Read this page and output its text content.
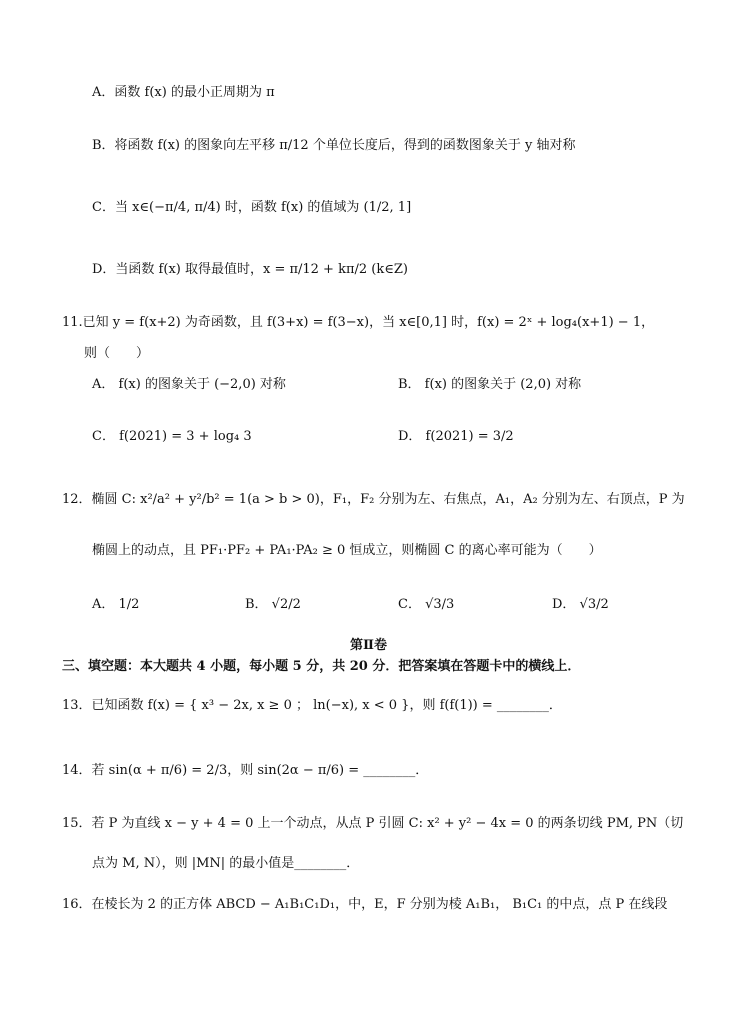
A．函数 f(x) 的最小正周期为 π
B．将函数 f(x) 的图象向左平移 π/12 个单位长度后，得到的函数图象关于 y 轴对称
C．当 x∈(−π/4, π/4) 时，函数 f(x) 的值域为 (1/2, 1]
D．当函数 f(x) 取得最值时，x = π/12 + kπ/2 (k∈Z)
11.已知 y = f(x+2) 为奇函数，且 f(3+x) = f(3−x)，当 x∈[0,1] 时，f(x) = 2ˣ + log₄(x+1) − 1，
则（　　）
A． f(x) 的图象关于 (−2,0) 对称	B． f(x) 的图象关于 (2,0) 对称
C． f(2021) = 3 + log₄ 3	D． f(2021) = 3/2
12．椭圆 C: x²/a² + y²/b² = 1(a > b > 0)，F₁，F₂ 分别为左、右焦点，A₁，A₂ 分别为左、右顶点，P 为
椭圆上的动点，且 PF₁·PF₂ + PA₁·PA₂ ≥ 0 恒成立，则椭圆 C 的离心率可能为（　　）
A． 1/2	B． √2/2	C． √3/3	D． √3/2
第Ⅱ卷
三、填空题：本大题共 4 小题，每小题 5 分，共 20 分．把答案填在答题卡中的横线上．
13．已知函数 f(x) = { x³ − 2x, x ≥ 0 ； ln(−x), x < 0 }，则 f(f(1)) = ________．
14．若 sin(α + π/6) = 2/3，则 sin(2α − π/6) = ________．
15．若 P 为直线 x − y + 4 = 0 上一个动点，从点 P 引圆 C: x² + y² − 4x = 0 的两条切线 PM, PN（切
点为 M, N），则 |MN| 的最小值是________．
16．在棱长为 2 的正方体 ABCD − A₁B₁C₁D₁，中，E，F 分别为棱 A₁B₁， B₁C₁ 的中点，点 P 在线段
